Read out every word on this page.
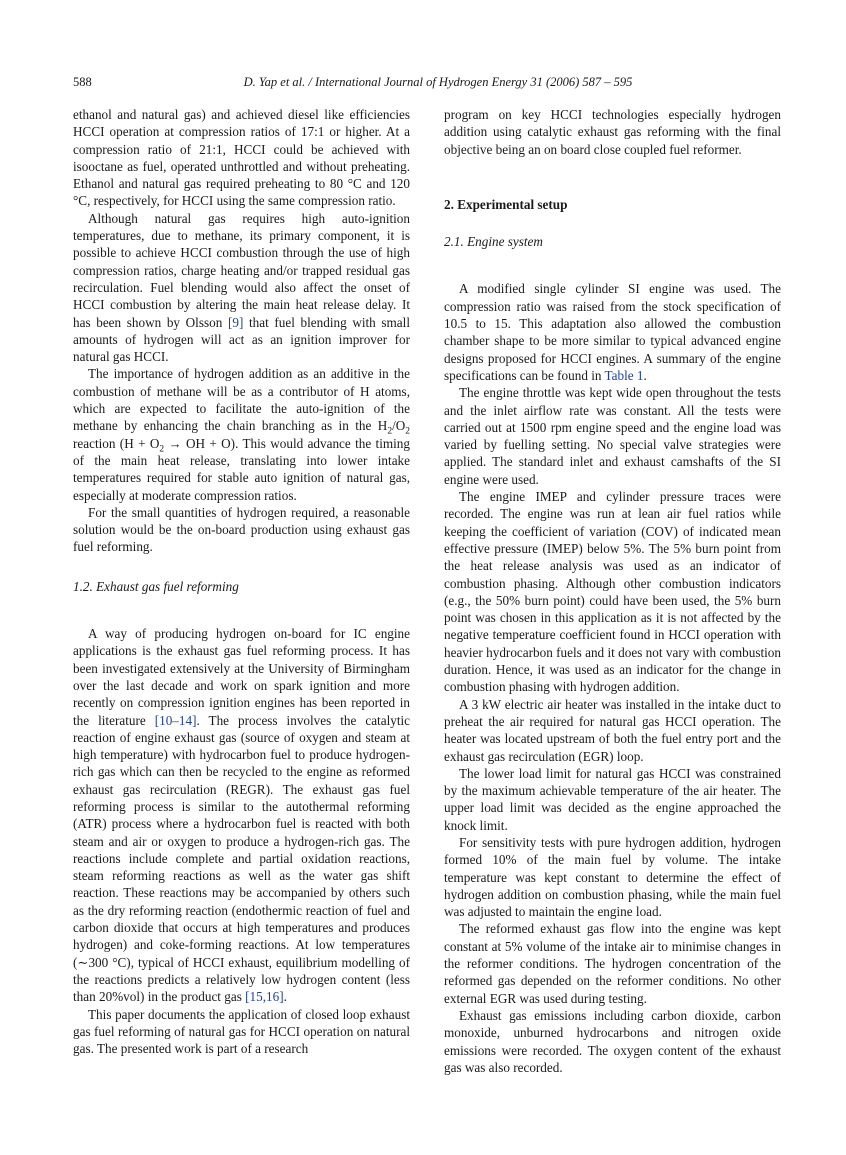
588	D. Yap et al. / International Journal of Hydrogen Energy 31 (2006) 587 – 595

ethanol and natural gas) and achieved diesel like efficiencies HCCI operation at compression ratios of 17:1 or higher. At a compression ratio of 21:1, HCCI could be achieved with isooctane as fuel, operated unthrottled and without preheating. Ethanol and natural gas required preheating to 80 °C and 120 °C, respectively, for HCCI using the same compression ratio.

Although natural gas requires high auto-ignition temperatures, due to methane, its primary component, it is possible to achieve HCCI combustion through the use of high compression ratios, charge heating and/or trapped residual gas recirculation. Fuel blending would also affect the onset of HCCI combustion by altering the main heat release delay. It has been shown by Olsson [9] that fuel blending with small amounts of hydrogen will act as an ignition improver for natural gas HCCI.

The importance of hydrogen addition as an additive in the combustion of methane will be as a contributor of H atoms, which are expected to facilitate the auto-ignition of the methane by enhancing the chain branching as in the $H_2/O_2$ reaction ($H + O_2$ → OH + O). This would advance the timing of the main heat release, translating into lower intake temperatures required for stable auto ignition of natural gas, especially at moderate compression ratios.

For the small quantities of hydrogen required, a reasonable solution would be the on-board production using exhaust gas fuel reforming.

1.2. Exhaust gas fuel reforming

A way of producing hydrogen on-board for IC engine applications is the exhaust gas fuel reforming process. It has been investigated extensively at the University of Birmingham over the last decade and work on spark ignition and more recently on compression ignition engines has been reported in the literature [10–14]. The process involves the catalytic reaction of engine exhaust gas (source of oxygen and steam at high temperature) with hydrocarbon fuel to produce hydrogen-rich gas which can then be recycled to the engine as reformed exhaust gas recirculation (REGR). The exhaust gas fuel reforming process is similar to the autothermal reforming (ATR) process where a hydrocarbon fuel is reacted with both steam and air or oxygen to produce a hydrogen-rich gas. The reactions include complete and partial oxidation reactions, steam reforming reactions as well as the water gas shift reaction. These reactions may be accompanied by others such as the dry reforming reaction (endothermic reaction of fuel and carbon dioxide that occurs at high temperatures and produces hydrogen) and coke-forming reactions. At low temperatures (∼300 °C), typical of HCCI exhaust, equilibrium modelling of the reactions predicts a relatively low hydrogen content (less than 20%vol) in the product gas [15,16].

This paper documents the application of closed loop exhaust gas fuel reforming of natural gas for HCCI operation on natural gas. The presented work is part of a research

program on key HCCI technologies especially hydrogen addition using catalytic exhaust gas reforming with the final objective being an on board close coupled fuel reformer.

2. Experimental setup
2.1. Engine system

A modified single cylinder SI engine was used. The compression ratio was raised from the stock specification of 10.5 to 15. This adaptation also allowed the combustion chamber shape to be more similar to typical advanced engine designs proposed for HCCI engines. A summary of the engine specifications can be found in Table 1.

The engine throttle was kept wide open throughout the tests and the inlet airflow rate was constant. All the tests were carried out at 1500 rpm engine speed and the engine load was varied by fuelling setting. No special valve strategies were applied. The standard inlet and exhaust camshafts of the SI engine were used.

The engine IMEP and cylinder pressure traces were recorded. The engine was run at lean air fuel ratios while keeping the coefficient of variation (COV) of indicated mean effective pressure (IMEP) below 5%. The 5% burn point from the heat release analysis was used as an indicator of combustion phasing. Although other combustion indicators (e.g., the 50% burn point) could have been used, the 5% burn point was chosen in this application as it is not affected by the negative temperature coefficient found in HCCI operation with heavier hydrocarbon fuels and it does not vary with combustion duration. Hence, it was used as an indicator for the change in combustion phasing with hydrogen addition.

A 3 kW electric air heater was installed in the intake duct to preheat the air required for natural gas HCCI operation. The heater was located upstream of both the fuel entry port and the exhaust gas recirculation (EGR) loop.

The lower load limit for natural gas HCCI was constrained by the maximum achievable temperature of the air heater. The upper load limit was decided as the engine approached the knock limit.

For sensitivity tests with pure hydrogen addition, hydrogen formed 10% of the main fuel by volume. The intake temperature was kept constant to determine the effect of hydrogen addition on combustion phasing, while the main fuel was adjusted to maintain the engine load.

The reformed exhaust gas flow into the engine was kept constant at 5% volume of the intake air to minimise changes in the reformer conditions. The hydrogen concentration of the reformed gas depended on the reformer conditions. No other external EGR was used during testing.

Exhaust gas emissions including carbon dioxide, carbon monoxide, unburned hydrocarbons and nitrogen oxide emissions were recorded. The oxygen content of the exhaust gas was also recorded.
